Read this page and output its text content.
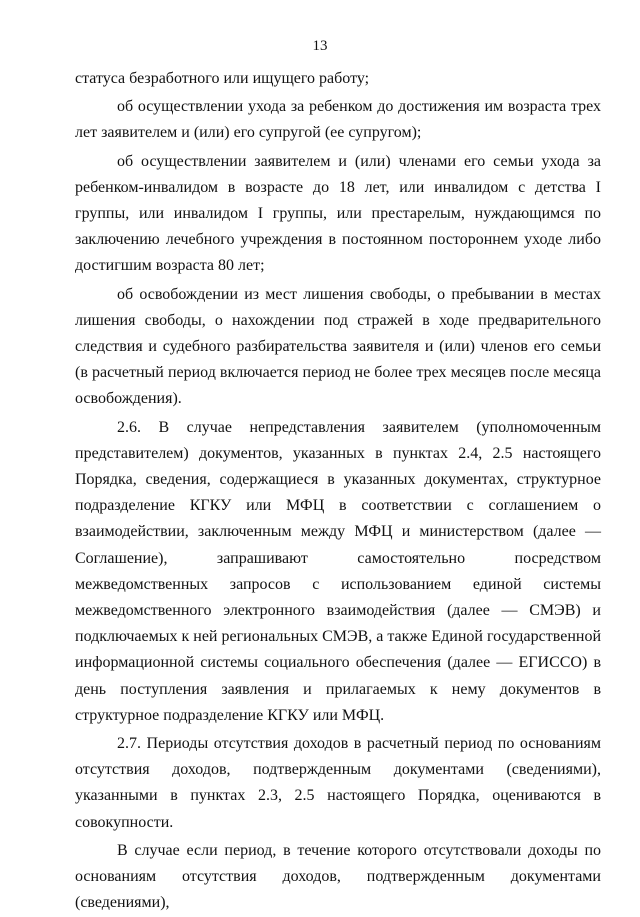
13

статуса безработного или ищущего работу;

об осуществлении ухода за ребенком до достижения им возраста трех лет заявителем и (или) его супругой (ее супругом);

об осуществлении заявителем и (или) членами его семьи ухода за ребенком-инвалидом в возрасте до 18 лет, или инвалидом с детства I группы, или инвалидом I группы, или престарелым, нуждающимся по заключению лечебного учреждения в постоянном постороннем уходе либо достигшим возраста 80 лет;

об освобождении из мест лишения свободы, о пребывании в местах лишения свободы, о нахождении под стражей в ходе предварительного следствия и судебного разбирательства заявителя и (или) членов его семьи (в расчетный период включается период не более трех месяцев после месяца освобождения).

2.6. В случае непредставления заявителем (уполномоченным представителем) документов, указанных в пунктах 2.4, 2.5 настоящего Порядка, сведения, содержащиеся в указанных документах, структурное подразделение КГКУ или МФЦ в соответствии с соглашением о взаимодействии, заключенным между МФЦ и министерством (далее — Соглашение), запрашивают самостоятельно посредством межведомственных запросов с использованием единой системы межведомственного электронного взаимодействия (далее — СМЭВ) и подключаемых к ней региональных СМЭВ, а также Единой государственной информационной системы социального обеспечения (далее — ЕГИССО) в день поступления заявления и прилагаемых к нему документов в структурное подразделение КГКУ или МФЦ.

2.7. Периоды отсутствия доходов в расчетный период по основаниям отсутствия доходов, подтвержденным документами (сведениями), указанными в пунктах 2.3, 2.5 настоящего Порядка, оцениваются в совокупности.

В случае если период, в течение которого отсутствовали доходы по основаниям отсутствия доходов, подтвержденным документами (сведениями),
